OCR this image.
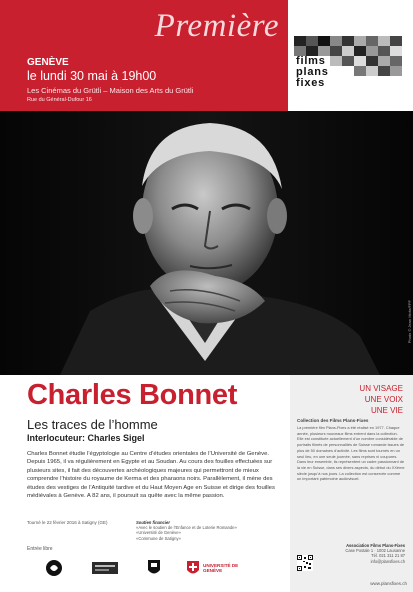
Première
GENÈVE
le lundi 30 mai à 19h00
Les Cinémas du Grütli – Maison des Arts du Grütli
Rue du Général-Dufour 16
films
plans
fixes
Photo © Jean Mohr/FPF
Charles Bonnet
Les traces de l’homme
Interlocuteur: Charles Sigel

Charles Bonnet étudie l’égyptologie au Centre d’études orientales de l’Université de Genève. Depuis 1965, il va régulièrement en Egypte et au Soudan. Au cours des fouilles effectuées sur plusieurs sites, il fait des découvertes archéologiques majeures qui permettront de mieux comprendre l’histoire du royaume de Kerma et des pharaons noirs. Parallèlement, il mène des études des vestiges de l’Antiquité tardive et du Haut Moyen Age en Suisse et dirige des fouilles médiévales à Genève. A 82 ans, il poursuit sa quête avec la même passion.

Tourné le 22 février 2016 à Satigny (GE)	Soutien financier
«Avec le soutien de l’Enfance et de Loterie Romande»
«Université de Genève»
«Commune de Satigny»
Entrée libre
UN VISAGE
UNE VOIX
UNE VIE
Collection des Films Plans-Fixes

La première film Plans-Fixes a été réalisé en 1977. Chaque année, plusieurs nouveaux films entrent dans la collection. Elle est constituée actuellement d’un nombre considérable de portraits filmés de personnalités de Suisse romande issues de plus de 50 domaines d’activité. Les films sont tournés en un seul lieu, en une seule journée, sans reprises ni coupures. Dans leur ensemble, ils représentent un cadre passionnant de la vie en Suisse, dans ses divers aspects, du début du XXème siècle jusqu’à nos jours. La collection est conservée comme un important patrimoine audiovisuel.

Association Films Plans-Fixes
Case Postale 1 · 1002 Lausanne
Tél. 021 311 21 87
info@plansfixes.ch
www.plansfixes.ch
UNIVERSITÉ DE GENÈVE
